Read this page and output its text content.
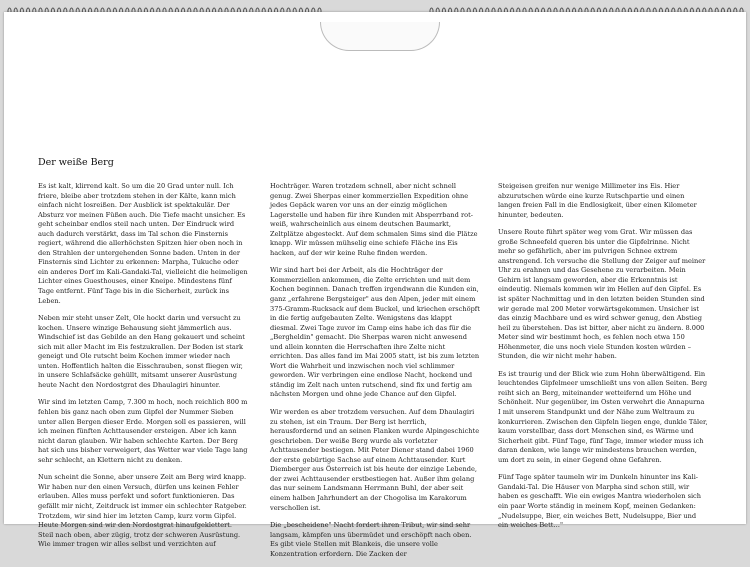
Der weiße Berg

Es ist kalt, klirrend kalt. So um die 20 Grad unter null. Ich friere, bleibe aber trotzdem stehen in der Kälte, kann mich einfach nicht losreißen. Der Ausblick ist spektakulär. Der Absturz vor meinen Füßen auch. Die Tiefe macht unsicher. Es geht scheinbar endlos steil nach unten. Der Eindruck wird auch dadurch verstärkt, dass im Tal schon die Finsternis regiert, während die allerhöchsten Spitzen hier oben noch in den Strahlen der untergehenden Sonne baden. Unten in der Finsternis sind Lichter zu erkennen: Marpha, Tukuche oder ein anderes Dorf im Kali-Gandaki-Tal, vielleicht die heimeligen Lichter eines Guesthouses, einer Kneipe. Mindestens fünf Tage entfernt. Fünf Tage bis in die Sicherheit, zurück ins Leben.

Neben mir steht unser Zelt, Ole hockt darin und versucht zu kochen. Unsere winzige Behausung sieht jämmerlich aus. Windschief ist das Gebilde an den Hang gekauert und scheint sich mit aller Macht im Eis festzukrallen. Der Boden ist stark geneigt und Ole rutscht beim Kochen immer wieder nach unten. Hoffentlich halten die Eisschrauben, sonst fliegen wir, in unsere Schlafsäcke gehüllt, mitsamt unserer Ausrüstung heute Nacht den Nordostgrat des Dhaulagiri hinunter.

Wir sind im letzten Camp, 7.300 m hoch, noch reichlich 800 m fehlen bis ganz nach oben zum Gipfel der Nummer Sieben unter allen Bergen dieser Erde. Morgen soll es passieren, will ich meinen fünften Achttausender ersteigen. Aber ich kann nicht daran glauben. Wir haben schlechte Karten. Der Berg hat sich uns bisher verweigert, das Wetter war viele Tage lang sehr schlecht, an Klettern nicht zu denken.

Nun scheint die Sonne, aber unsere Zeit am Berg wird knapp. Wir haben nur den einen Versuch, dürfen uns keinen Fehler erlauben. Alles muss perfekt und sofort funktionieren. Das gefällt mir nicht, Zeitdruck ist immer ein schlechter Ratgeber. Trotzdem, wir sind hier im letzten Camp, kurz vorm Gipfel. Heute Morgen sind wir den Nordostgrat hinaufgeklettert. Steil nach oben, aber zügig, trotz der schweren Ausrüstung. Wie immer tragen wir alles selbst und verzichten auf

Hochträger. Waren trotzdem schnell, aber nicht schnell genug. Zwei Sherpas einer kommerziellen Expedition ohne jedes Gepäck waren vor uns an der einzig möglichen Lagerstelle und haben für ihre Kunden mit Absperrband rot-weiß, wahrscheinlich aus einem deutschen Baumarkt, Zeltplätze abgesteckt. Auf dem schmalen Sims sind die Plätze knapp. Wir müssen mühselig eine schiefe Fläche ins Eis hacken, auf der wir keine Ruhe finden werden.

Wir sind hart bei der Arbeit, als die Hochträger der Kommerziellen ankommen, die Zelte errichten und mit dem Kochen beginnen. Danach treffen irgendwann die Kunden ein, ganz „erfahrene Bergsteiger" aus den Alpen, jeder mit einem 375-Gramm-Rucksack auf dem Buckel, und kriechen erschöpft in die fertig aufgebauten Zelte. Wenigstens das klappt diesmal. Zwei Tage zuvor im Camp eins habe ich das für die „Bergheldin" gemacht. Die Sherpas waren nicht anwesend und allein konnten die Herrschaften ihre Zelte nicht errichten. Das alles fand im Mai 2005 statt, ist bis zum letzten Wort die Wahrheit und inzwischen noch viel schlimmer geworden. Wir verbringen eine endlose Nacht, hockend und ständig im Zelt nach unten rutschend, sind fix und fertig am nächsten Morgen und ohne jede Chance auf den Gipfel.

Wir werden es aber trotzdem versuchen. Auf dem Dhaulagiri zu stehen, ist ein Traum. Der Berg ist herrlich, herausfordernd und an seinen Flanken wurde Alpingeschichte geschrieben. Der weiße Berg wurde als vorletzter Achttausender bestiegen. Mit Peter Diener stand dabei 1960 der erste gebürtige Sachse auf einem Achttausender. Kurt Diemberger aus Österreich ist bis heute der einzige Lebende, der zwei Achttausender erstbestiegen hat. Außer ihm gelang das nur seinem Landsmann Herrmann Buhl, der aber seit einem halben Jahrhundert an der Chogolisa im Karakorum verschollen ist.

Die „bescheidene" Nacht fordert ihren Tribut, wir sind sehr langsam, kämpfen uns übermüdet und erschöpft nach oben. Es gibt viele Stellen mit Blankeis, die unsere volle Konzentration erfordern. Die Zacken der

Steigeisen greifen nur wenige Millimeter ins Eis. Hier abzurutschen würde eine kurze Rutschpartie und einen langen freien Fall in die Endlosigkeit, über einen Kilometer hinunter, bedeuten.

Unsere Route führt später weg vom Grat. Wir müssen das große Schneefeld queren bis unter die Gipfelrinne. Nicht mehr so gefährlich, aber im pulvrigen Schnee extrem anstrengend. Ich versuche die Stellung der Zeiger auf meiner Uhr zu erahnen und das Gesehene zu verarbeiten. Mein Gehirn ist langsam geworden, aber die Erkenntnis ist eindeutig. Niemals kommen wir im Hellen auf den Gipfel. Es ist später Nachmittag und in den letzten beiden Stunden sind wir gerade mal 200 Meter vorwärtsgekommen. Unsicher ist das einzig Machbare und es wird schwer genug, den Abstieg heil zu überstehen. Das ist bitter, aber nicht zu ändern. 8.000 Meter sind wir bestimmt hoch, es fehlen noch etwa 150 Höhenmeter, die uns noch viele Stunden kosten würden – Stunden, die wir nicht mehr haben.

Es ist traurig und der Blick wie zum Hohn überwältigend. Ein leuchtendes Gipfelmeer umschließt uns von allen Seiten. Berg reiht sich an Berg, miteinander wetteifernd um Höhe und Schönheit. Nur gegenüber, im Osten verwehrt die Annapurna I mit unserem Standpunkt und der Nähe zum Weltraum zu konkurrieren. Zwischen den Gipfeln liegen enge, dunkle Täler, kaum vorstellbar, dass dort Menschen sind, es Wärme und Sicherheit gibt. Fünf Tage, fünf Tage, immer wieder muss ich daran denken, wie lange wir mindestens brauchen werden, um dort zu sein, in einer Gegend ohne Gefahren.

Fünf Tage später taumeln wir im Dunkeln hinunter ins Kali-Gandaki-Tal. Die Häuser von Marpha sind schon still, wir haben es geschafft. Wie ein ewiges Mantra wiederholen sich ein paar Worte ständig in meinem Kopf, meinen Gedanken: „Nudelsuppe, Bier, ein weiches Bett, Nudelsuppe, Bier und ein weiches Bett…"
